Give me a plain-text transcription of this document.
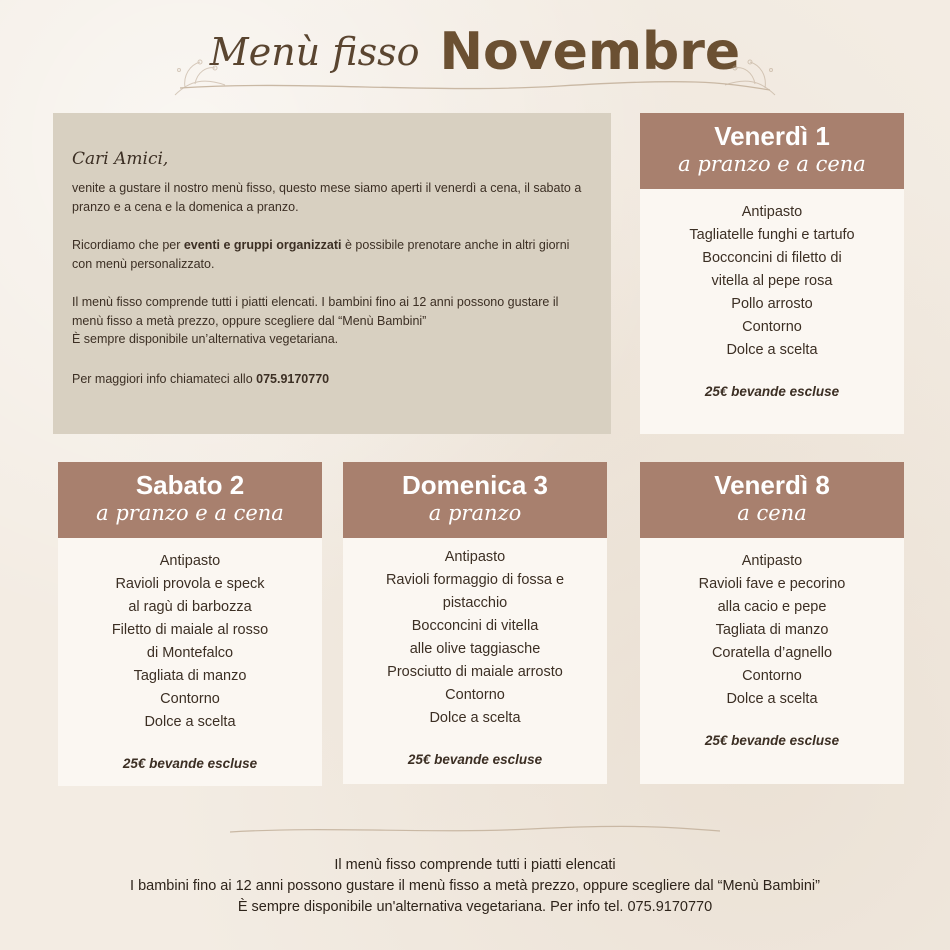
Menù fisso Novembre
Cari Amici,

venite a gustare il nostro menù fisso, questo mese siamo aperti il venerdì a cena, il sabato a pranzo e a cena e la domenica a pranzo.

Ricordiamo che per eventi e gruppi organizzati è possibile prenotare anche in altri giorni con menù personalizzato.

Il menù fisso comprende tutti i piatti elencati. I bambini fino ai 12 anni possono gustare il menù fisso a metà prezzo, oppure scegliere dal “Menù Bambini”
È sempre disponibile un’alternativa vegetariana.

Per maggiori info chiamateci allo 075.9170770

Venerdì 1
a pranzo e a cena
Antipasto
Tagliatelle funghi e tartufo
Bocconcini di filetto di
vitella al pepe rosa
Pollo arrosto
Contorno
Dolce a scelta
25€ bevande escluse
Sabato 2
a pranzo e a cena
Antipasto
Ravioli provola e speck
al ragù di barbozza
Filetto di maiale al rosso
di Montefalco
Tagliata di manzo
Contorno
Dolce a scelta
25€ bevande escluse
Domenica 3
a pranzo
Antipasto
Ravioli formaggio di fossa e
pistacchio
Bocconcini di vitella
alle olive taggiasche
Prosciutto di maiale arrosto
Contorno
Dolce a scelta
25€ bevande escluse
Venerdì 8
a cena
Antipasto
Ravioli fave e pecorino
alla cacio e pepe
Tagliata di manzo
Coratella d’agnello
Contorno
Dolce a scelta
25€ bevande escluse
Il menù fisso comprende tutti i piatti elencati
I bambini fino ai 12 anni possono gustare il menù fisso a metà prezzo, oppure scegliere dal “Menù Bambini”
È sempre disponibile un'alternativa vegetariana. Per info tel. 075.9170770
